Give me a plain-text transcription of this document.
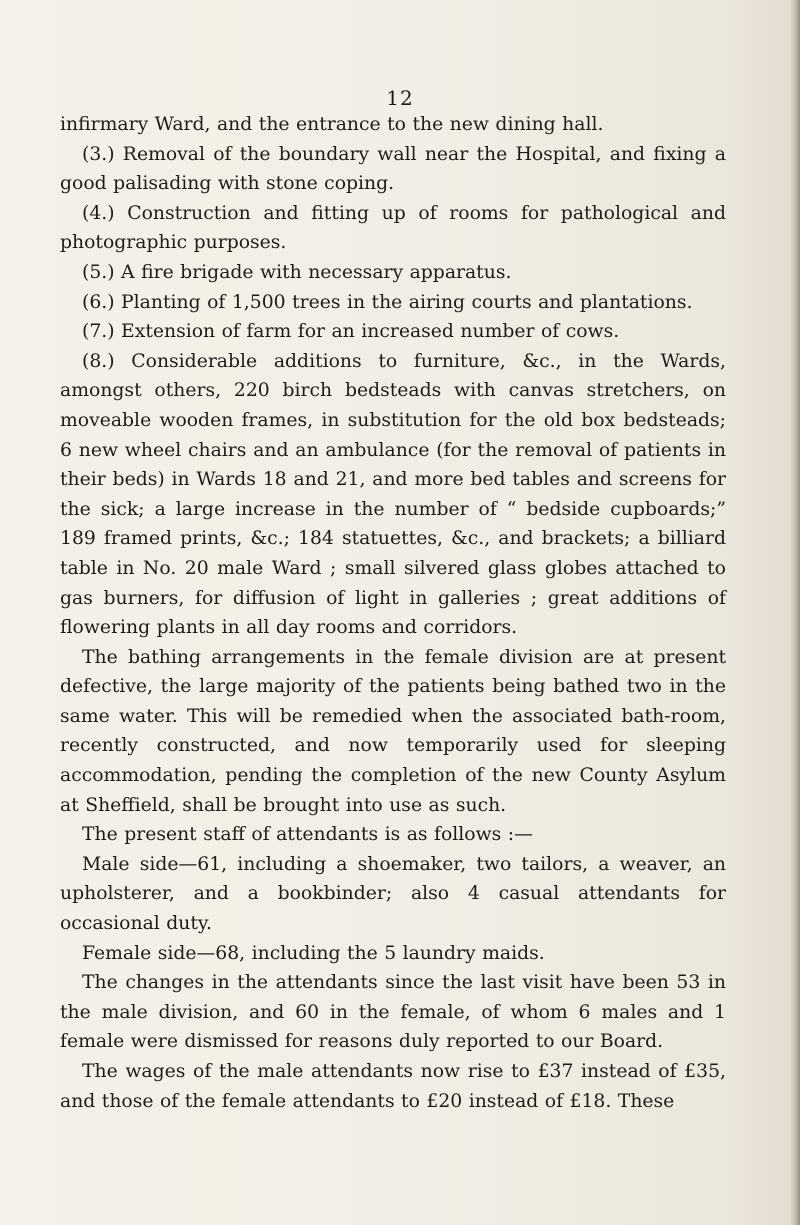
12

infirmary Ward, and the entrance to the new dining hall.

(3.) Removal of the boundary wall near the Hospital, and fixing a good palisading with stone coping.

(4.) Construction and fitting up of rooms for pathological and photographic purposes.

(5.) A fire brigade with necessary apparatus.

(6.) Planting of 1,500 trees in the airing courts and plantations.

(7.) Extension of farm for an increased number of cows.

(8.) Considerable additions to furniture, &c., in the Wards, amongst others, 220 birch bedsteads with canvas stretchers, on moveable wooden frames, in substitution for the old box bedsteads; 6 new wheel chairs and an ambulance (for the removal of patients in their beds) in Wards 18 and 21, and more bed tables and screens for the sick; a large increase in the number of “ bedside cupboards;” 189 framed prints, &c.; 184 statuettes, &c., and brackets; a billiard table in No. 20 male Ward ; small silvered glass globes attached to gas burners, for diffusion of light in galleries ; great additions of flowering plants in all day rooms and corridors.

The bathing arrangements in the female division are at present defective, the large majority of the patients being bathed two in the same water. This will be remedied when the associated bath-room, recently constructed, and now temporarily used for sleeping accommodation, pending the completion of the new County Asylum at Sheffield, shall be brought into use as such.

The present staff of attendants is as follows :—

Male side—61, including a shoemaker, two tailors, a weaver, an upholsterer, and a bookbinder; also 4 casual attendants for occasional duty.

Female side—68, including the 5 laundry maids.

The changes in the attendants since the last visit have been 53 in the male division, and 60 in the female, of whom 6 males and 1 female were dismissed for reasons duly reported to our Board.

The wages of the male attendants now rise to £37 instead of £35, and those of the female attendants to £20 instead of £18. These
